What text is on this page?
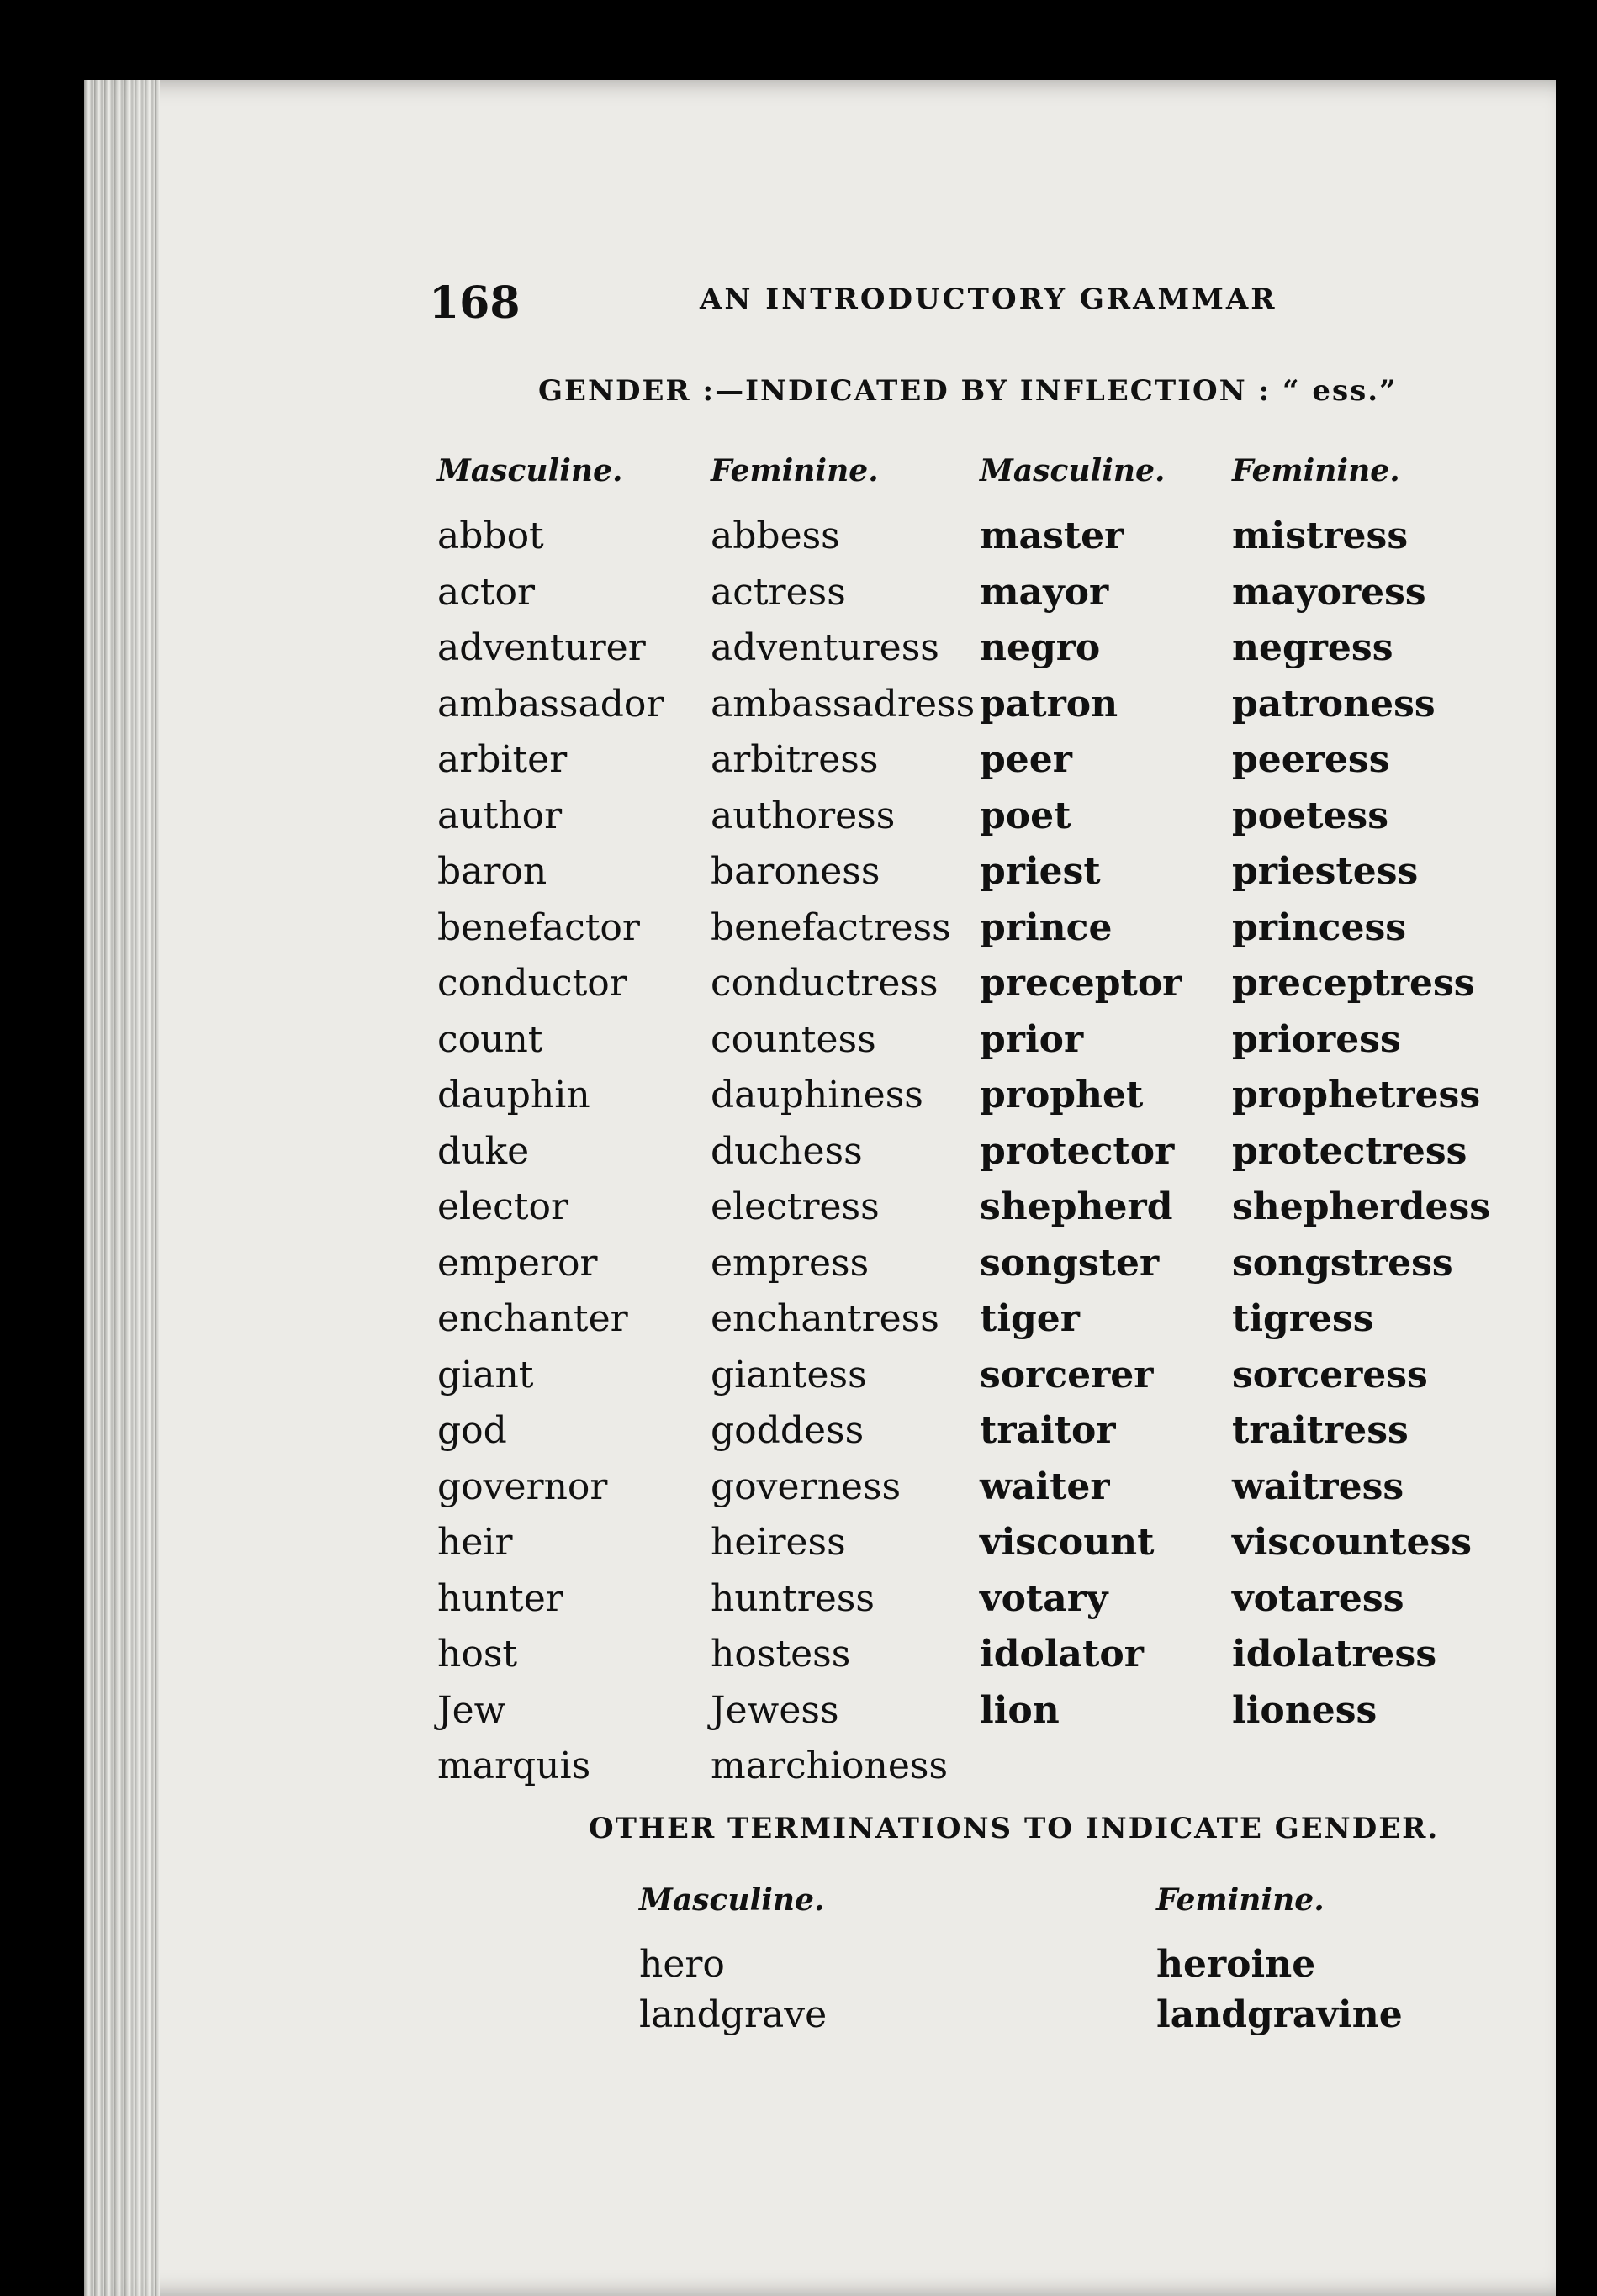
168	AN INTRODUCTORY GRAMMAR
GENDER :—INDICATED BY INFLECTION : “ ess.”
Masculine.
abbot
actor
adventurer
ambassador
arbiter
author
baron
benefactor
conductor
count
dauphin
duke
elector
emperor
enchanter
giant
god
governor
heir
hunter
host
Jew
marquis
Feminine.
abbess
actress
adventuress
ambassadress
arbitress
authoress
baroness
benefactress
conductress
countess
dauphiness
duchess
electress
empress
enchantress
giantess
goddess
governess
heiress
huntress
hostess
Jewess
marchioness
Masculine.
master
mayor
negro
patron
peer
poet
priest
prince
preceptor
prior
prophet
protector
shepherd
songster
tiger
sorcerer
traitor
waiter
viscount
votary
idolator
lion
Feminine.
mistress
mayoress
negress
patroness
peeress
poetess
priestess
princess
preceptress
prioress
prophetress
protectress
shepherdess
songstress
tigress
sorceress
traitress
waitress
viscountess
votaress
idolatress
lioness
OTHER TERMINATIONS TO INDICATE GENDER.
Masculine.
hero
landgrave
Feminine.
heroine
landgravine
